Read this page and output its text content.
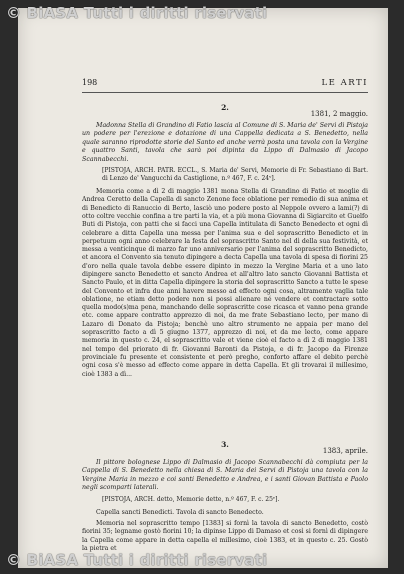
198	LE ARTI
2.
1381, 2 maggio.
Madonna Stella di Grandino di Fatio lascia al Comune di S. Maria de' Servi di Pistoja un podere per l'erezione e dotazione di una Cappella dedicata a S. Benedetto, nella quale saranno riprodotte storie del Santo ed anche verrà posta una tavola con la Vergine e quattro Santi, tavola che sarà poi dipinta da Lippo di Dalmasio di Jacopo Scannabecchi.
[PISTOJA, ARCH. PATR. ECCL., S. Maria de' Servi, Memorie di Fr. Sebastiano di Bart. di Lenzo de' Vangucchi da Castiglione, n.º 467, F. c. 24ᵛ].
Memoria come a dì 2 di maggio 1381 mona Stella di Grandino di Fatio et moglie di Andrea Ceretto della Capella di sancto Zenone fece oblatione per remedio di sua anima et di Benedicto di Ranuccio di Berto, lasciò uno podere posto al Neppole ovvero a lami(?) di otto coltre vecchie confina a tre parti la via, et a più mona Giovanna di Sigiarcito et Guelfo Buti di Pistoja, con patti che si facci una Capella intitulata di Sancto Benedecto et ogni dì celebrare a ditta Capella una messa per l'anima sua e del soprascritto Benedicto et in perpetuum ogni anno celebrare la festa del soprascritto Santo nel dì della sua festività, et messa a venticinque di marzo far uno anniversario per l'anima del soprascritto Benedicto, et ancora el Convento sia tenuto dipingere a decta Capella una tavola di spesa di fiorini 25 d'oro nella quale tavola debbe essere dipinto in mezzo la Vergine Maria et a uno lato dipingere sancto Benedetto et sancto Andrea et all'altro lato sancto Giovanni Battista et Sancto Paulo, et in ditta Capella dipingere la storia del soprascritto Sancto a tutte le spese del Convento et infra due anni havere messo ad effecto ogni cosa, altramente vaglia tale oblatione, ne etiam detto podere non si possi alienare né vendere et contractare sotto quella modo(s)ma pena, manchando delle soprascritte cose ricasca et vanno pena grande etc. come appare contratto apprezzo di noi, da me frate Sebastiano lecto, per mano di Lazaro di Donato da Pistoja; benchè uno altro strumento ne appaia per mano del soprascritto facto a dì 5 giugno 1377, apprezzo di noi, et da me lecto, come appare memoria in questo c. 24, el soprascritto vale et viene cioè el facto a dì 2 di maggio 1381 nel tempo del priorato di fr. Giovanni Baronti da Pistoja, e di fr. Jacopo da Firenze provinciale fu presente et consistente et però pregho, conforto affare el debito perchè ogni cosa s'è messo ad effecto come appare in detta Capella. Et gli trovarai il millesimo, cioè 1383 a dì...
3.
1383, aprile.
Il pittore bolognese Lippo di Dalmasio di Jacopo Scannabecchi dà compiuta per la Cappella di S. Benedetto nella chiesa di S. Maria dei Servi di Pistoja una tavola con la Vergine Maria in mezzo e coi santi Benedetto e Andrea, e i santi Giovan Battista e Paolo negli scomparti laterali.
[PISTOJA, ARCH. detto, Memorie dette, n.º 467, F. c. 25ᵛ].
Capella sancti Benedicti. Tavola di sancto Benedecto.
Memoria nel soprascritto tempo [1383] si fornì la tavola di sancto Benedetto, costò fiorini 35; legname gostò fiorini 10; la dipinse Lippo di Damaso et così si fornì di dipingere la Capella come appare in detta capella el millesimo, cioè 1383, et in questo c. 25. Gostò la pietra et
© BiASA Tutti i diritti riservati
© BiASA Tutti i diritti riservati
